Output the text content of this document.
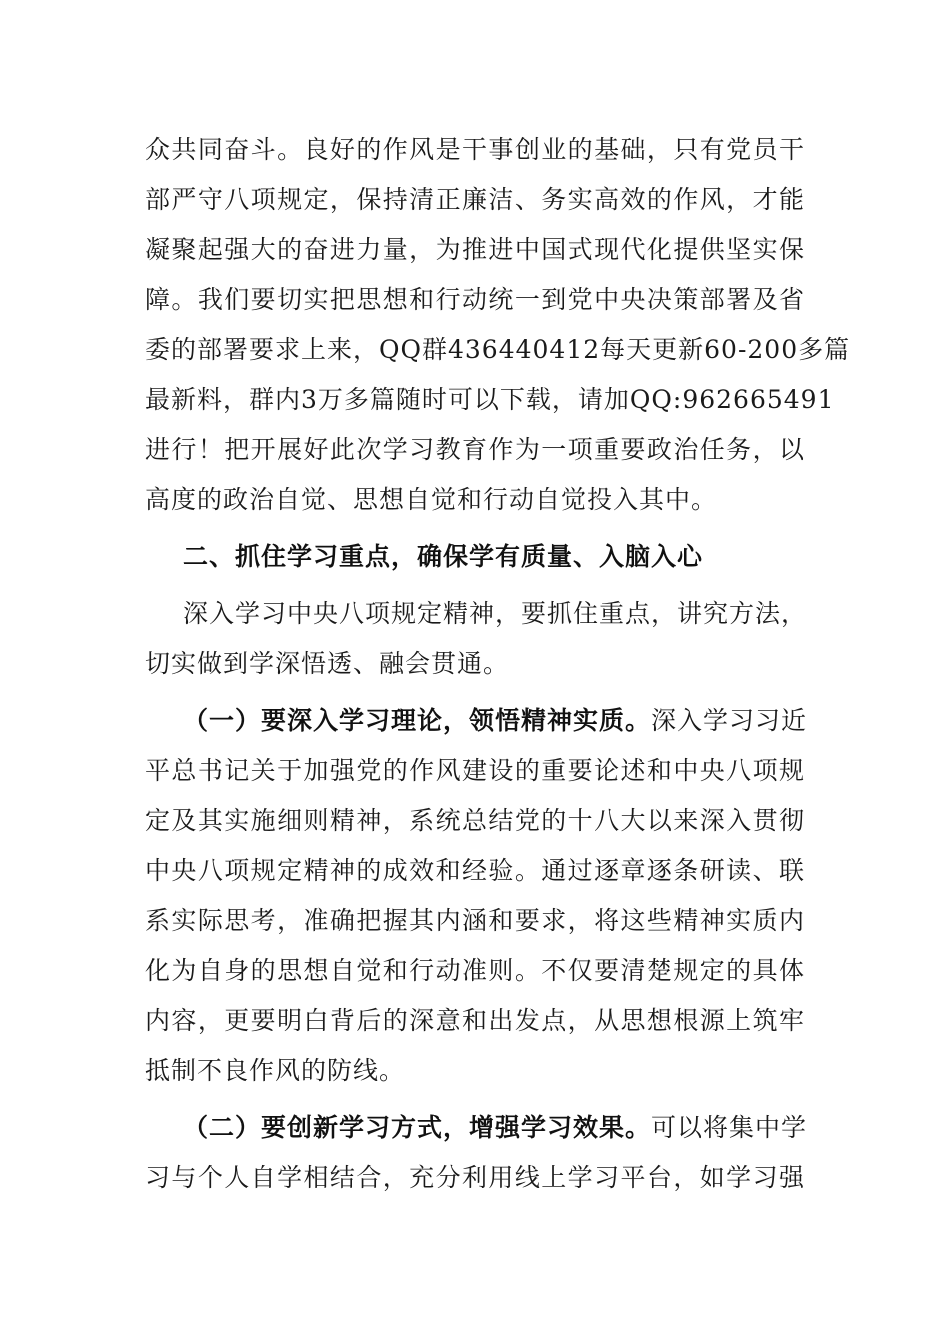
众共同奋斗。良好的作风是干事创业的基础，只有党员干
部严守八项规定，保持清正廉洁、务实高效的作风，才能
凝聚起强大的奋进力量，为推进中国式现代化提供坚实保
障。我们要切实把思想和行动统一到党中央决策部署及省
委的部署要求上来，QQ群436440412每天更新60-200多篇
最新料，群内3万多篇随时可以下载，请加QQ:962665491
进行！把开展好此次学习教育作为一项重要政治任务，以
高度的政治自觉、思想自觉和行动自觉投入其中。
二、抓住学习重点，确保学有质量、入脑入心
深入学习中央八项规定精神，要抓住重点，讲究方法，
切实做到学深悟透、融会贯通。
（一）要深入学习理论，领悟精神实质。深入学习习近
平总书记关于加强党的作风建设的重要论述和中央八项规
定及其实施细则精神，系统总结党的十八大以来深入贯彻
中央八项规定精神的成效和经验。通过逐章逐条研读、联
系实际思考，准确把握其内涵和要求，将这些精神实质内
化为自身的思想自觉和行动准则。不仅要清楚规定的具体
内容，更要明白背后的深意和出发点，从思想根源上筑牢
抵制不良作风的防线。
（二）要创新学习方式，增强学习效果。可以将集中学
习与个人自学相结合，充分利用线上学习平台，如学习强
